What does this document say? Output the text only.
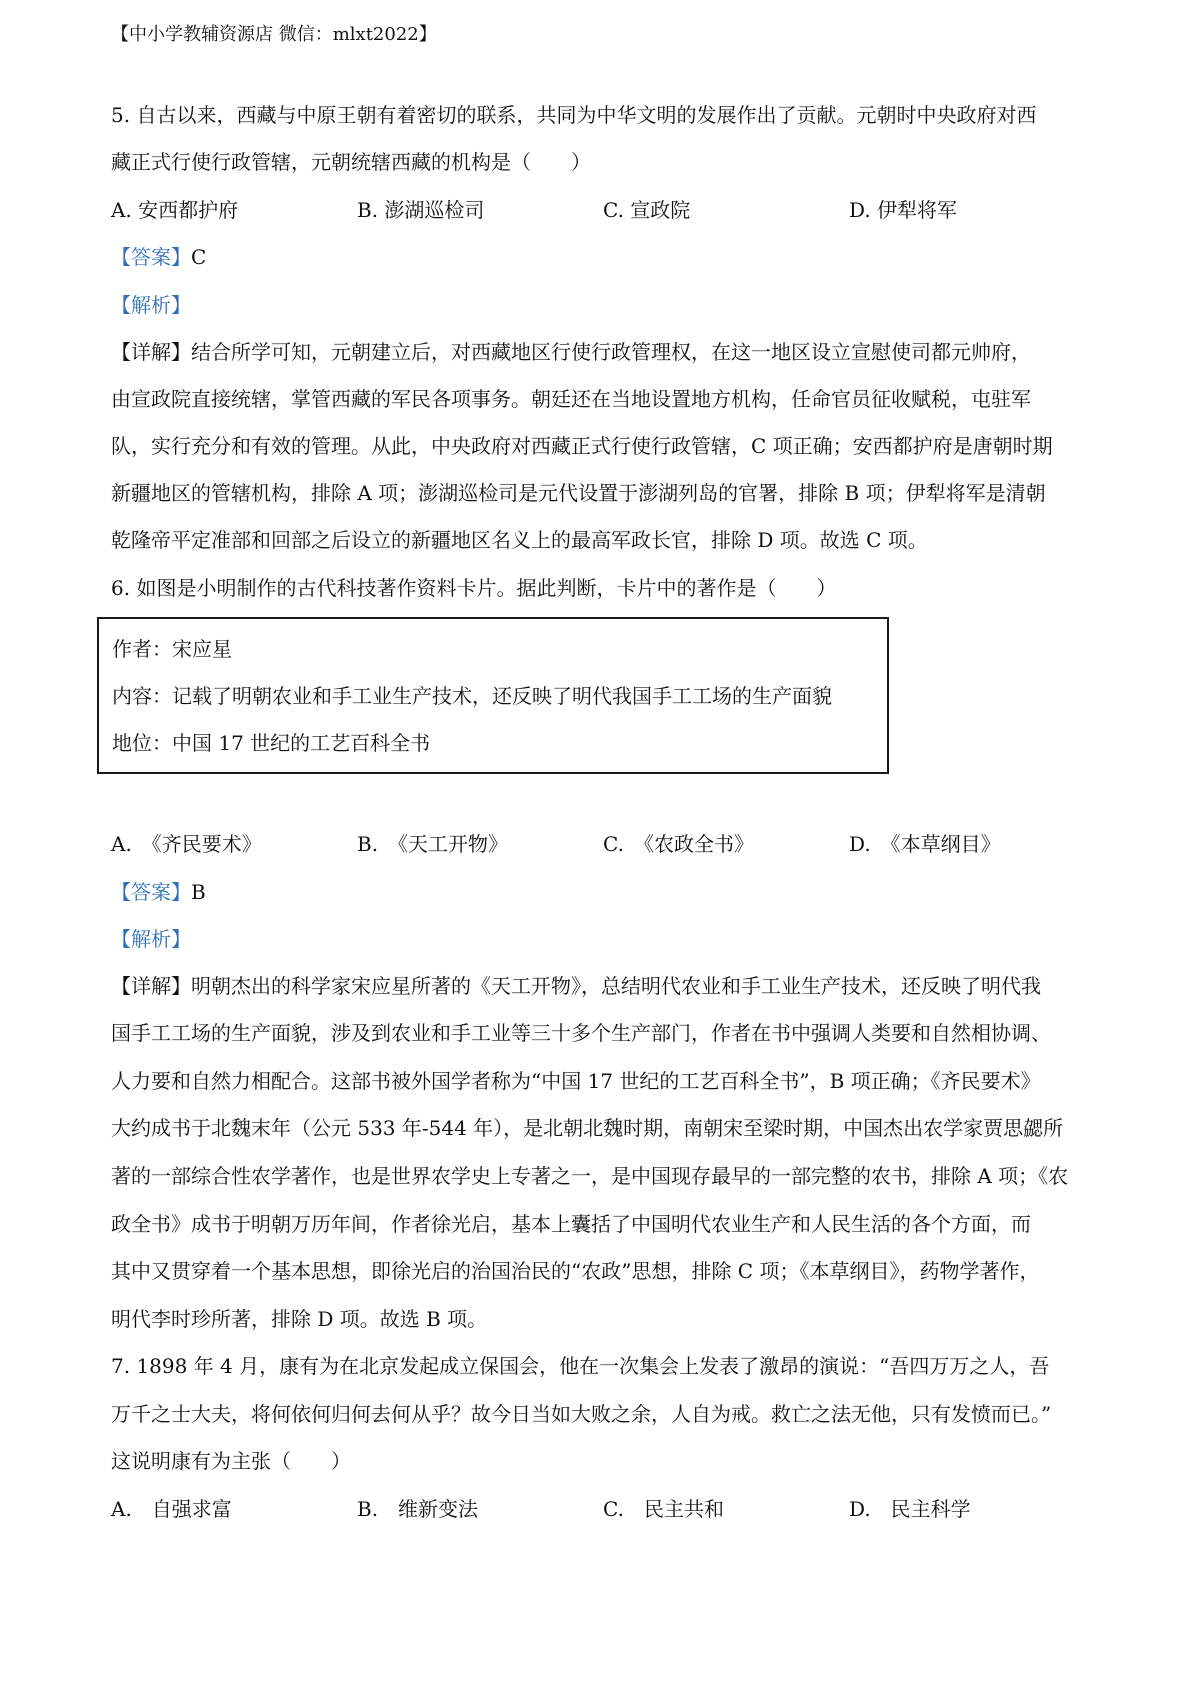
【中小学教辅资源店 微信：mlxt2022】
5. 自古以来，西藏与中原王朝有着密切的联系，共同为中华文明的发展作出了贡献。元朝时中央政府对西
藏正式行使行政管辖，元朝统辖西藏的机构是（　　）
A. 安西都护府	B. 澎湖巡检司	C. 宣政院	D. 伊犁将军
【答案】C
【解析】
【详解】结合所学可知，元朝建立后，对西藏地区行使行政管理权，在这一地区设立宣慰使司都元帅府，
由宣政院直接统辖，掌管西藏的军民各项事务。朝廷还在当地设置地方机构，任命官员征收赋税，屯驻军
队，实行充分和有效的管理。从此，中央政府对西藏正式行使行政管辖，C 项正确；安西都护府是唐朝时期
新疆地区的管辖机构，排除 A 项；澎湖巡检司是元代设置于澎湖列岛的官署，排除 B 项；伊犁将军是清朝
乾隆帝平定准部和回部之后设立的新疆地区名义上的最高军政长官，排除 D 项。故选 C 项。
6. 如图是小明制作的古代科技著作资料卡片。据此判断，卡片中的著作是（　　）
作者：宋应星
内容：记载了明朝农业和手工业生产技术，还反映了明代我国手工工场的生产面貌
地位：中国 17 世纪的工艺百科全书
A.　《齐民要术》	B.　《天工开物》	C.　《农政全书》	D.　《本草纲目》
【答案】B
【解析】
【详解】明朝杰出的科学家宋应星所著的《天工开物》，总结明代农业和手工业生产技术，还反映了明代我
国手工工场的生产面貌，涉及到农业和手工业等三十多个生产部门，作者在书中强调人类要和自然相协调、
人力要和自然力相配合。这部书被外国学者称为“中国 17 世纪的工艺百科全书”，B 项正确；《齐民要术》
大约成书于北魏末年（公元 533 年-544 年），是北朝北魏时期，南朝宋至梁时期，中国杰出农学家贾思勰所
著的一部综合性农学著作，也是世界农学史上专著之一，是中国现存最早的一部完整的农书，排除 A 项；《农
政全书》成书于明朝万历年间，作者徐光启，基本上囊括了中国明代农业生产和人民生活的各个方面，而
其中又贯穿着一个基本思想，即徐光启的治国治民的“农政”思想，排除 C 项；《本草纲目》，药物学著作，
明代李时珍所著，排除 D 项。故选 B 项。
7. 1898 年 4 月，康有为在北京发起成立保国会，他在一次集会上发表了激昂的演说：“吾四万万之人，吾
万千之士大夫，将何依何归何去何从乎？故今日当如大败之余，人自为戒。救亡之法无他，只有发愤而已。”
这说明康有为主张（　　）
A.　自强求富	B.　维新变法	C.　民主共和	D.　民主科学
